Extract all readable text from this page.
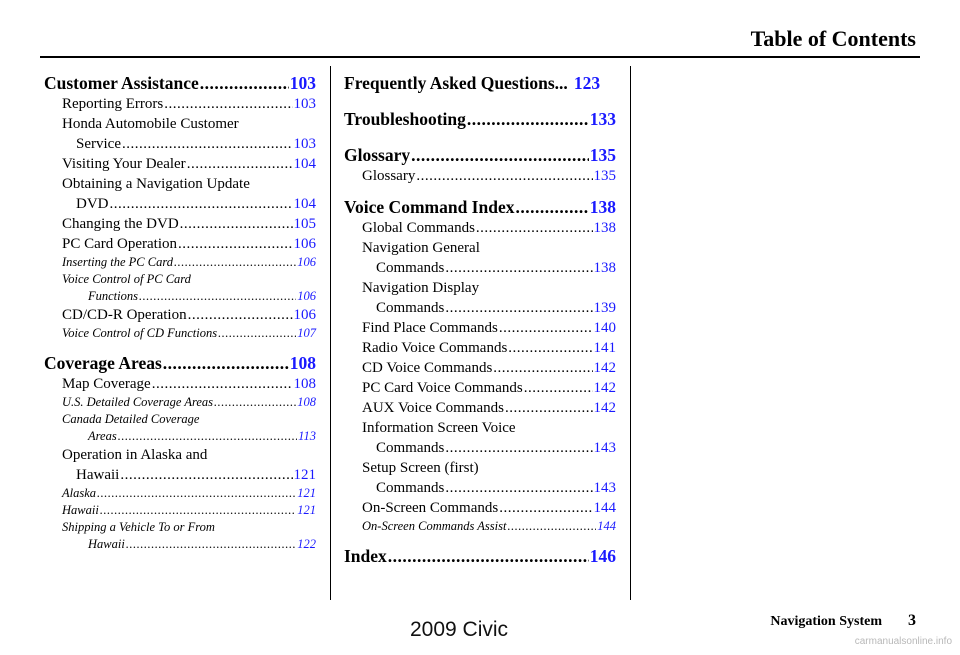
Table of Contents
Customer Assistance .....	103
Reporting Errors .....	103
Honda Automobile Customer
Service .....	103
Visiting Your Dealer .....	104
Obtaining a Navigation Update
DVD .....	104
Changing the DVD .....	105
PC Card Operation .....	106
Inserting the PC Card .....	106
Voice Control of PC Card
Functions .....	106
CD/CD-R Operation .....	106
Voice Control of CD Functions .....	107
Coverage Areas .....	108
Map Coverage .....	108
U.S. Detailed Coverage Areas .....	108
Canada Detailed Coverage
Areas .....	113
Operation in Alaska and
Hawaii .....	121
Alaska .....	121
Hawaii .....	121
Shipping a Vehicle To or From
Hawaii .....	122
Frequently Asked Questions... 123
Troubleshooting .....	133
Glossary .....	135
Glossary .....	135
Voice Command Index .....	138
Global Commands .....	138
Navigation General
Commands .....	138
Navigation Display
Commands .....	139
Find Place Commands .....	140
Radio Voice Commands .....	141
CD Voice Commands .....	142
PC Card Voice Commands .....	142
AUX Voice Commands .....	142
Information Screen Voice
Commands .....	143
Setup Screen (first)
Commands .....	143
On-Screen Commands .....	144
On-Screen Commands Assist .....	144
Index .....	146
Navigation System 3
2009 Civic
carmanualsonline.info
